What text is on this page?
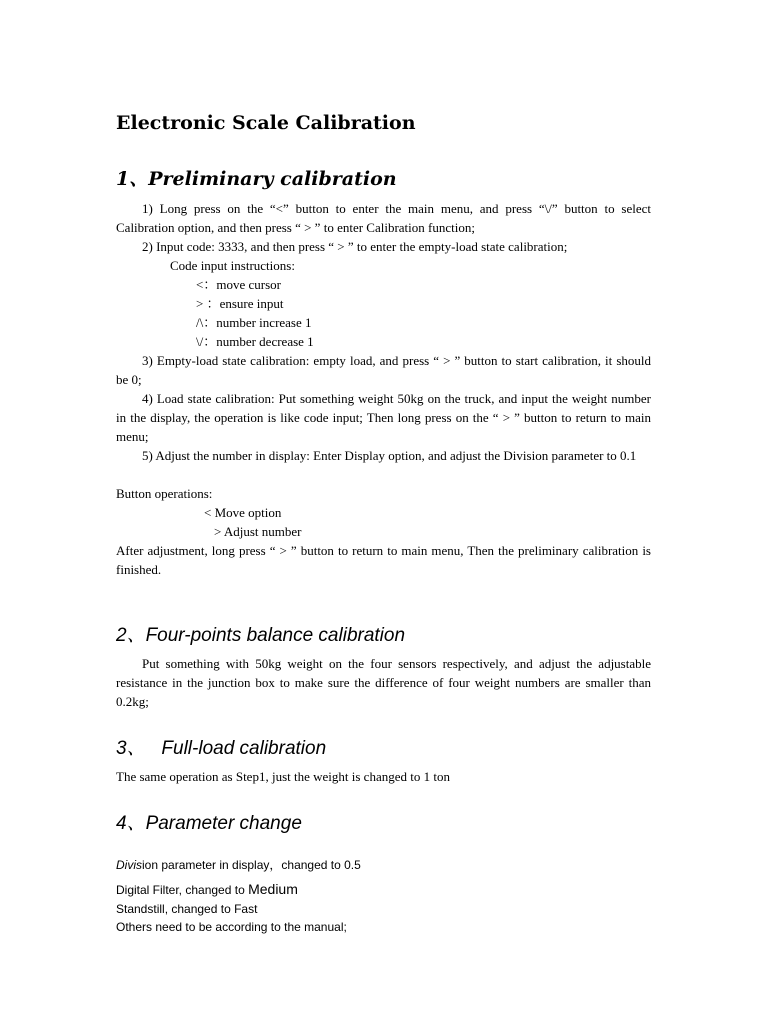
Electronic Scale Calibration
1、Preliminary calibration

1) Long press on the “<” button to enter the main menu, and press “\/” button to select Calibration option, and then press “ > ” to enter Calibration function;

2) Input code: 3333, and then press “ > ” to enter the empty-load state calibration;

Code input instructions:

<：move cursor

> ：ensure input

/\：number increase 1

\/：number decrease 1

3) Empty-load state calibration: empty load, and press “ > ” button to start calibration, it should be 0;

4) Load state calibration: Put something weight 50kg on the truck, and input the weight number in the display, the operation is like code input; Then long press on the “ > ” button to return to main menu;

5) Adjust the number in display: Enter Display option, and adjust the Division parameter to 0.1

Button operations:

< Move option

> Adjust number

After adjustment, long press “ > ” button to return to main menu, Then the preliminary calibration is finished.

2、Four-points balance calibration

Put something with 50kg weight on the four sensors respectively, and adjust the adjustable resistance in the junction box to make sure the difference of four weight numbers are smaller than 0.2kg;

3、   Full-load calibration

The same operation as Step1, just the weight is changed to 1 ton

4、Parameter change

Division parameter in display，changed to 0.5

Digital Filter, changed to Medium

Standstill, changed to Fast

Others need to be according to the manual;
